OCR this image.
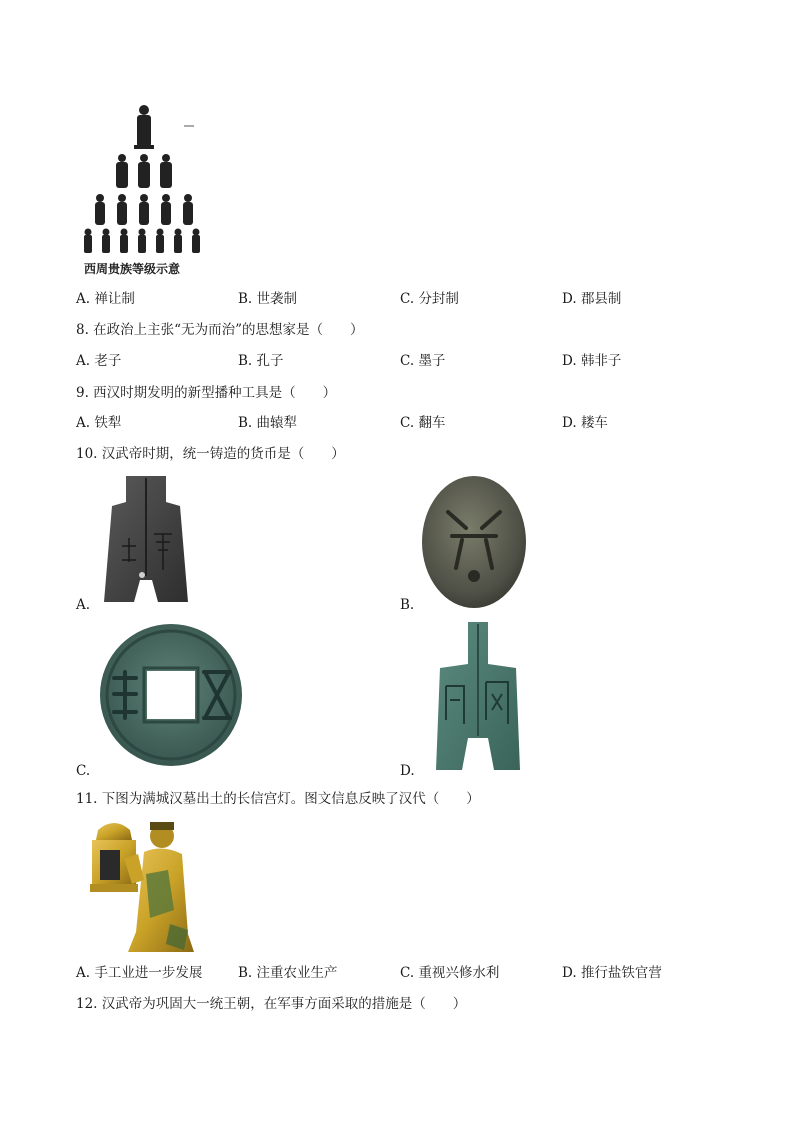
西周贵族等级示意
A. 禅让制	B. 世袭制	C. 分封制	D. 郡县制
8. 在政治上主张“无为而治”的思想家是（　　）
A. 老子	B. 孔子	C. 墨子	D. 韩非子
9. 西汉时期发明的新型播种工具是（　　）
A. 铁犁	B. 曲辕犁	C. 翻车	D. 耧车
10. 汉武帝时期，统一铸造的货币是（　　）
A.	B.
C.	D.
11. 下图为满城汉墓出土的长信宫灯。图文信息反映了汉代（　　）
A. 手工业进一步发展	B. 注重农业生产	C. 重视兴修水利	D. 推行盐铁官营
12. 汉武帝为巩固大一统王朝，在军事方面采取的措施是（　　）
